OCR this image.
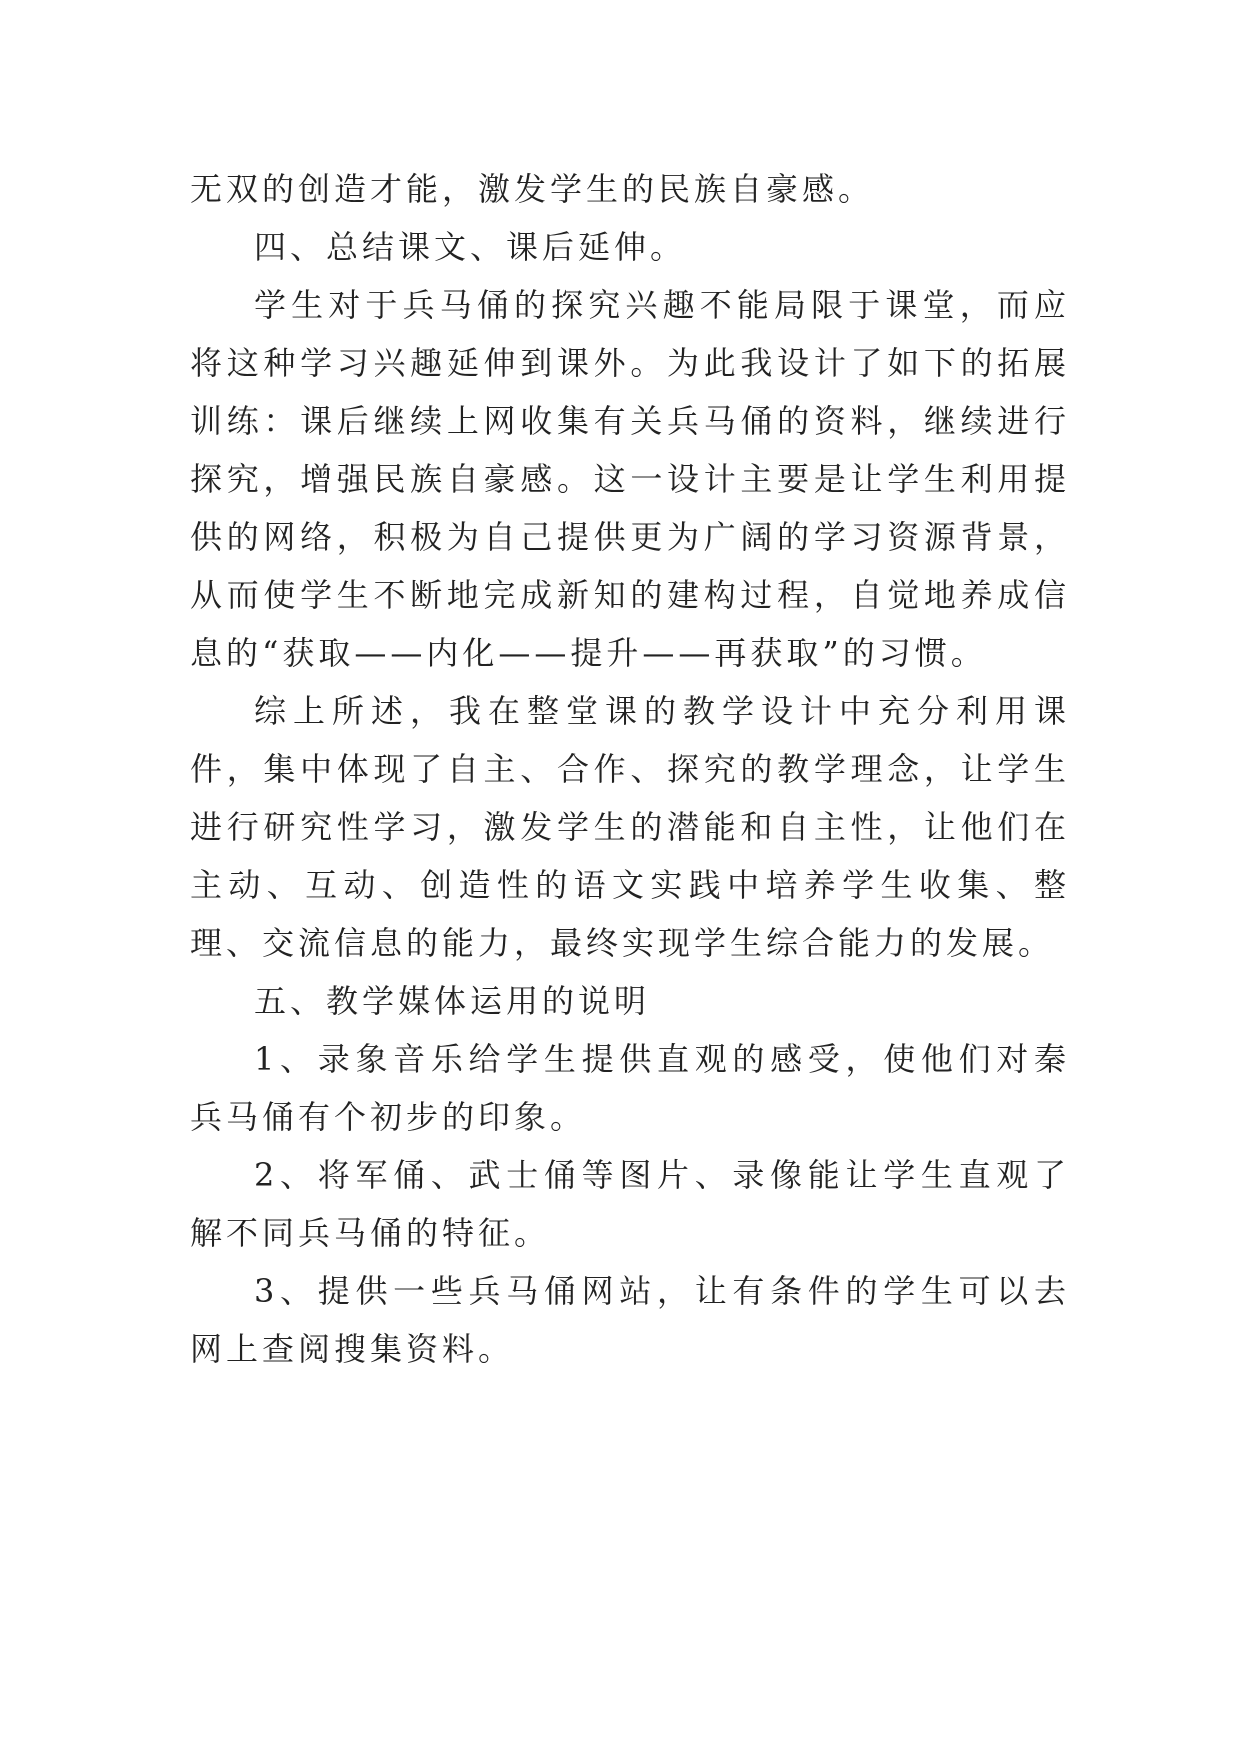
无双的创造才能，激发学生的民族自豪感。

四、总结课文、课后延伸。

学生对于兵马俑的探究兴趣不能局限于课堂，而应将这种学习兴趣延伸到课外。为此我设计了如下的拓展训练：课后继续上网收集有关兵马俑的资料，继续进行探究，增强民族自豪感。这一设计主要是让学生利用提供的网络，积极为自己提供更为广阔的学习资源背景，从而使学生不断地完成新知的建构过程，自觉地养成信息的“获取——内化——提升——再获取”的习惯。

综上所述，我在整堂课的教学设计中充分利用课件，集中体现了自主、合作、探究的教学理念，让学生进行研究性学习，激发学生的潜能和自主性，让他们在主动、互动、创造性的语文实践中培养学生收集、整理、交流信息的能力，最终实现学生综合能力的发展。

五、教学媒体运用的说明

1、录象音乐给学生提供直观的感受，使他们对秦兵马俑有个初步的印象。

2、将军俑、武士俑等图片、录像能让学生直观了解不同兵马俑的特征。

3、提供一些兵马俑网站，让有条件的学生可以去网上查阅搜集资料。
